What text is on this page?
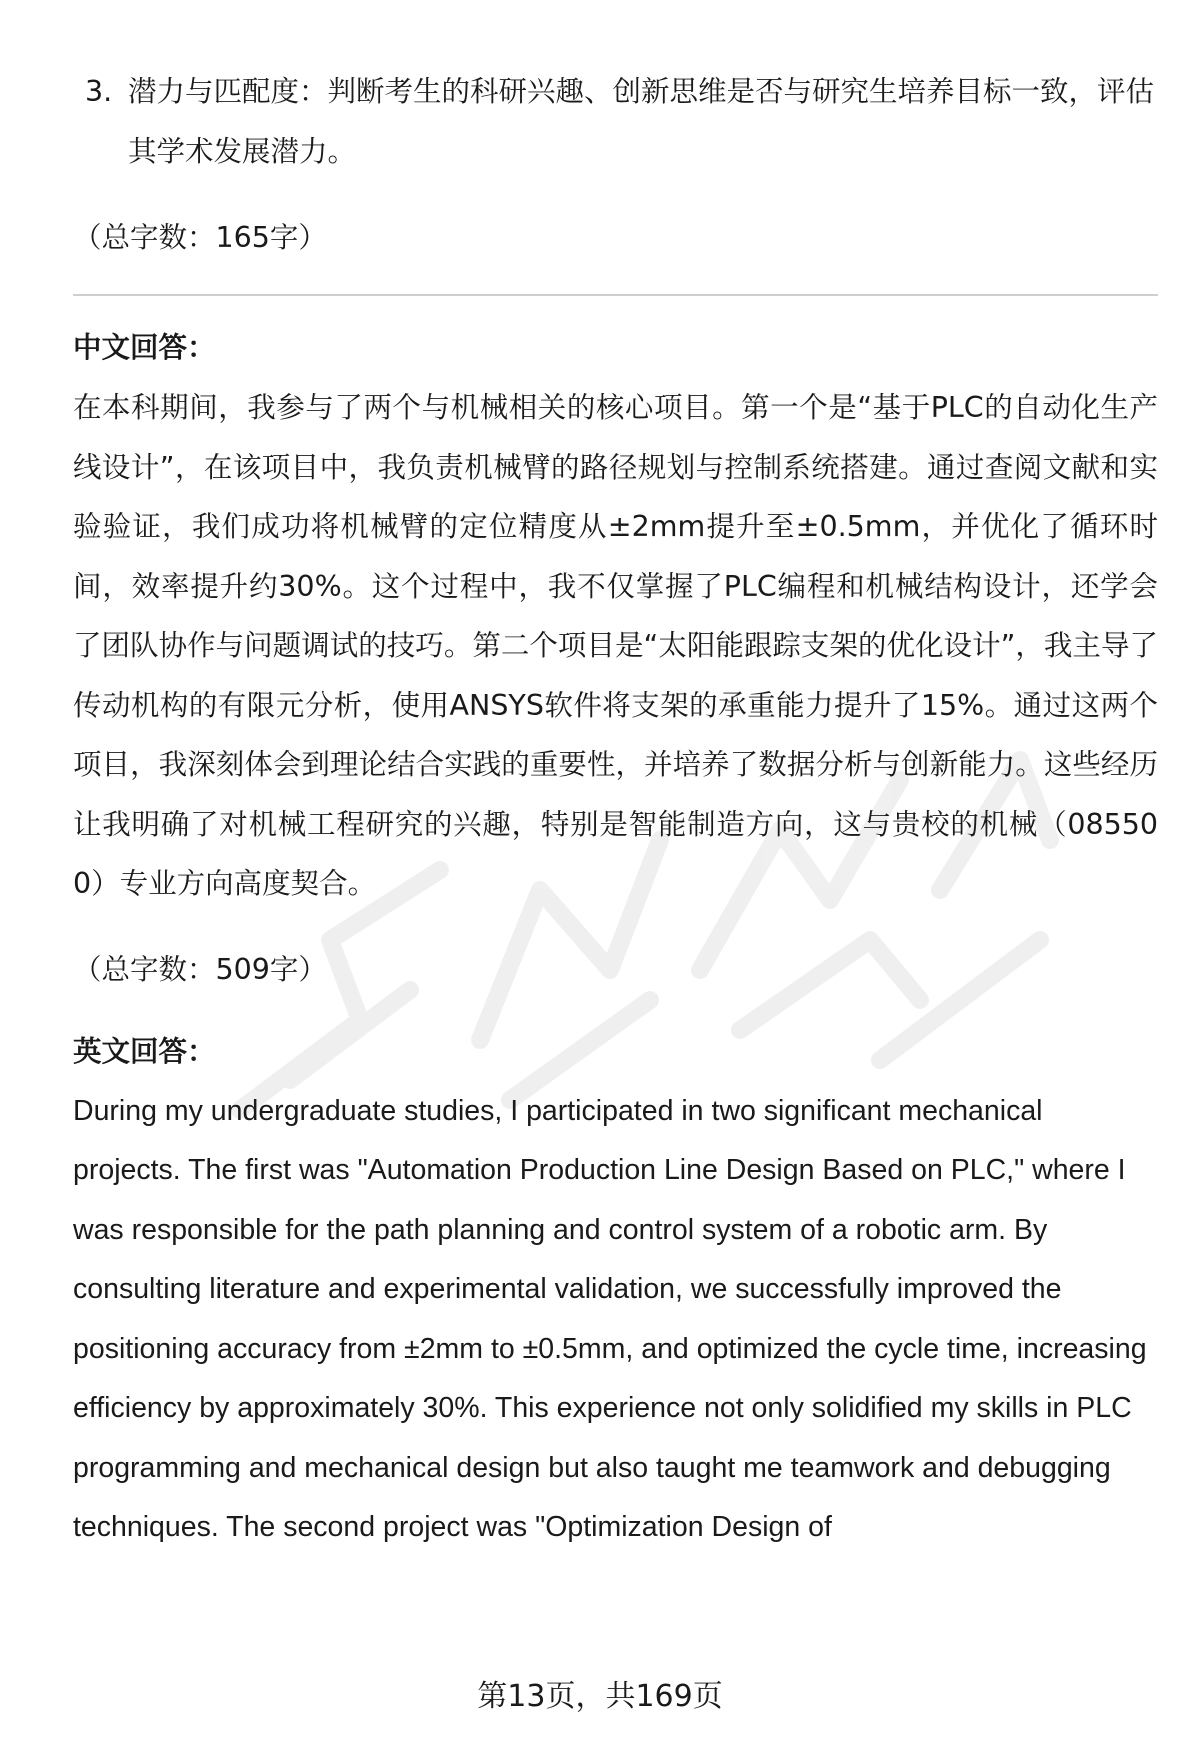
3. 潜力与匹配度：判断考生的科研兴趣、创新思维是否与研究生培养目标一致，评估其学术发展潜力。
（总字数：165字）
中文回答：
在本科期间，我参与了两个与机械相关的核心项目。第一个是“基于PLC的自动化生产线设计”，在该项目中，我负责机械臂的路径规划与控制系统搭建。通过查阅文献和实验验证，我们成功将机械臂的定位精度从±2mm提升至±0.5mm，并优化了循环时间，效率提升约30%。这个过程中，我不仅掌握了PLC编程和机械结构设计，还学会了团队协作与问题调试的技巧。第二个项目是“太阳能跟踪支架的优化设计”，我主导了传动机构的有限元分析，使用ANSYS软件将支架的承重能力提升了15%。通过这两个项目，我深刻体会到理论结合实践的重要性，并培养了数据分析与创新能力。这些经历让我明确了对机械工程研究的兴趣，特别是智能制造方向，这与贵校的机械（085500）专业方向高度契合。
（总字数：509字）
英文回答：
During my undergraduate studies, I participated in two significant mechanical projects. The first was "Automation Production Line Design Based on PLC," where I was responsible for the path planning and control system of a robotic arm. By consulting literature and experimental validation, we successfully improved the positioning accuracy from ±2mm to ±0.5mm, and optimized the cycle time, increasing efficiency by approximately 30%. This experience not only solidified my skills in PLC programming and mechanical design but also taught me teamwork and debugging techniques. The second project was "Optimization Design of
第13页，共169页
